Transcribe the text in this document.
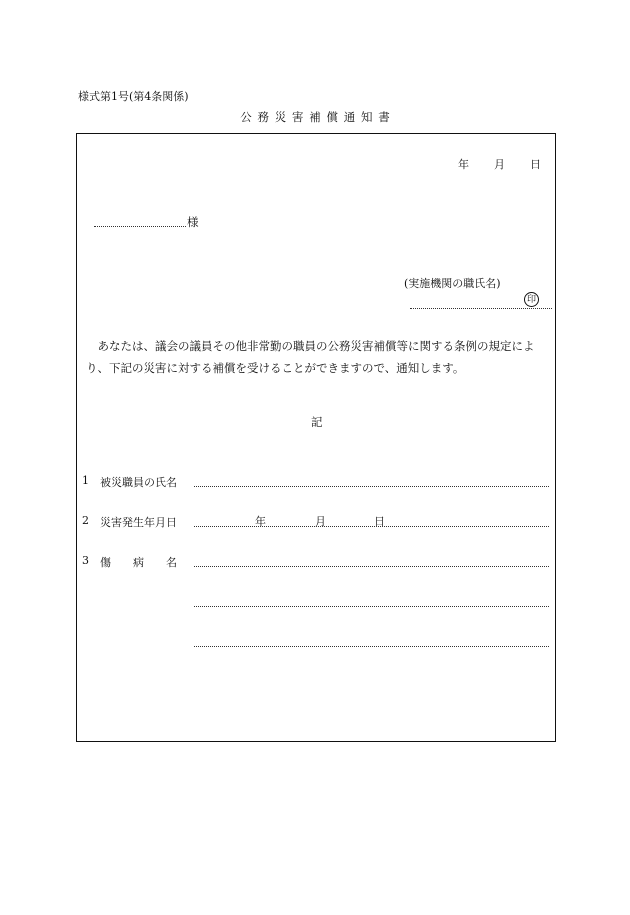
様式第1号(第4条関係)
公務災害補償通知書
年 月 日
様
(実施機関の職氏名)
印
あなたは、議会の議員その他非常勤の職員の公務災害補償等に関する条例の規定により、下記の災害に対する補償を受けることができますので、通知します。
記
1 被災職員の氏名
2 災害発生年月日	年	月	日
3 傷　　病　　名
